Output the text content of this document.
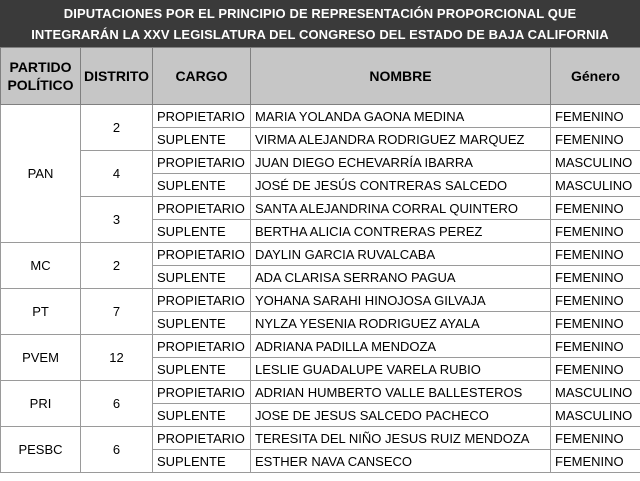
DIPUTACIONES POR EL PRINCIPIO DE REPRESENTACIÓN PROPORCIONAL QUE
INTEGRARÁN LA XXV LEGISLATURA DEL CONGRESO DEL ESTADO DE BAJA CALIFORNIA
PARTIDO
POLÍTICO	DISTRITO	CARGO	NOMBRE	Género
PAN	2	PROPIETARIO	MARIA YOLANDA GAONA MEDINA	FEMENINO
		SUPLENTE	VIRMA ALEJANDRA RODRIGUEZ MARQUEZ	FEMENINO
	4	PROPIETARIO	JUAN DIEGO ECHEVARRÍA IBARRA	MASCULINO
		SUPLENTE	JOSÉ DE JESÚS CONTRERAS SALCEDO	MASCULINO
	3	PROPIETARIO	SANTA ALEJANDRINA CORRAL QUINTERO	FEMENINO
		SUPLENTE	BERTHA ALICIA CONTRERAS PEREZ	FEMENINO
MC	2	PROPIETARIO	DAYLIN GARCIA RUVALCABA	FEMENINO
		SUPLENTE	ADA CLARISA SERRANO PAGUA	FEMENINO
PT	7	PROPIETARIO	YOHANA SARAHI HINOJOSA GILVAJA	FEMENINO
		SUPLENTE	NYLZA YESENIA RODRIGUEZ AYALA	FEMENINO
PVEM	12	PROPIETARIO	ADRIANA PADILLA MENDOZA	FEMENINO
		SUPLENTE	LESLIE GUADALUPE VARELA RUBIO	FEMENINO
PRI	6	PROPIETARIO	ADRIAN HUMBERTO VALLE BALLESTEROS	MASCULINO
		SUPLENTE	JOSE DE JESUS SALCEDO PACHECO	MASCULINO
PESBC	6	PROPIETARIO	TERESITA DEL NIÑO JESUS RUIZ MENDOZA	FEMENINO
		SUPLENTE	ESTHER NAVA CANSECO	FEMENINO
